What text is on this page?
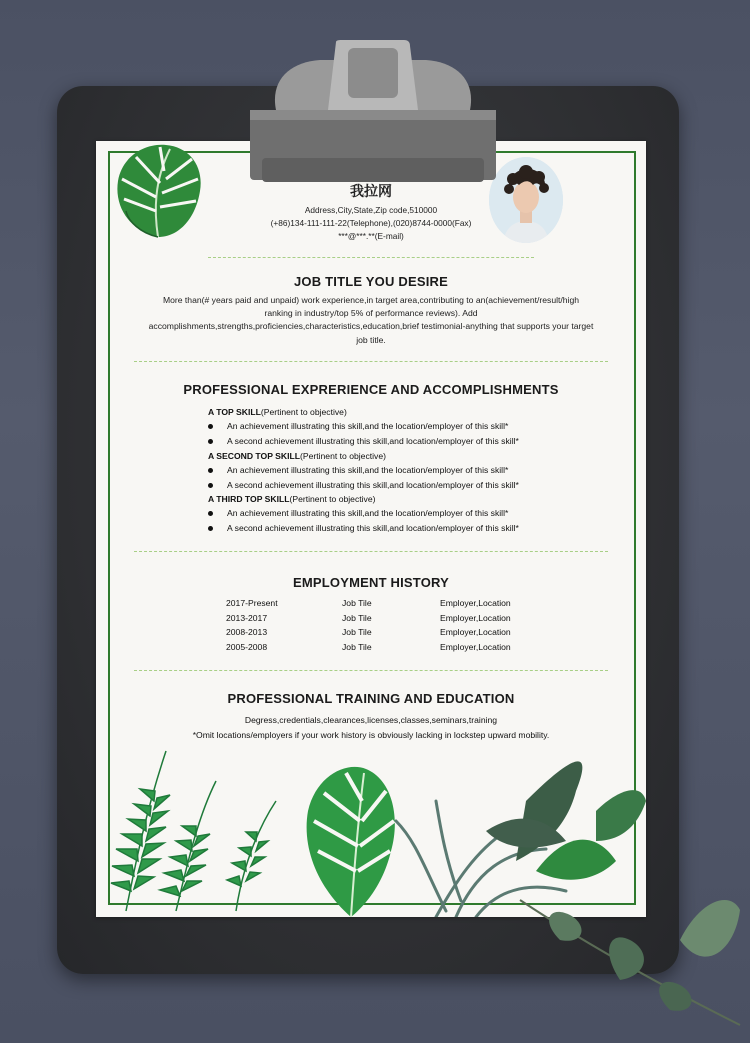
我拉网
Address,City,State,Zip code,510000
(+86)134-111-111-22(Telephone),(020)8744-0000(Fax)
***@***.**(E-mail)
JOB TITLE YOU DESIRE
More than(# years paid and unpaid) work experience,in target area,contributing to an(achievement/result/high
ranking in industry/top 5% of performance reviews). Add
accomplishments,strengths,proficiencies,characteristics,education,brief testimonial-anything that supports your target
job title.
PROFESSIONAL EXPRERIENCE AND ACCOMPLISHMENTS
A TOP SKILL(Pertinent to objective)
An achievement illustrating this skill,and the location/employer of this skill*
A second achievement illustrating this skill,and location/employer of this skill*
A SECOND TOP SKILL(Pertinent to objective)
An achievement illustrating this skill,and the location/employer of this skill*
A second achievement illustrating this skill,and location/employer of this skill*
A THIRD TOP SKILL(Pertinent to objective)
An achievement illustrating this skill,and the location/employer of this skill*
A second achievement illustrating this skill,and location/employer of this skill*
EMPLOYMENT HISTORY
2017-Present	Job Tile	Employer,Location
2013-2017	Job Tile	Employer,Location
2008-2013	Job Tile	Employer,Location
2005-2008	Job Tile	Employer,Location
PROFESSIONAL TRAINING AND EDUCATION
Degress,credentials,clearances,licenses,classes,seminars,training
*Omit locations/employers if your work history is obviously lacking in lockstep upward mobility.
